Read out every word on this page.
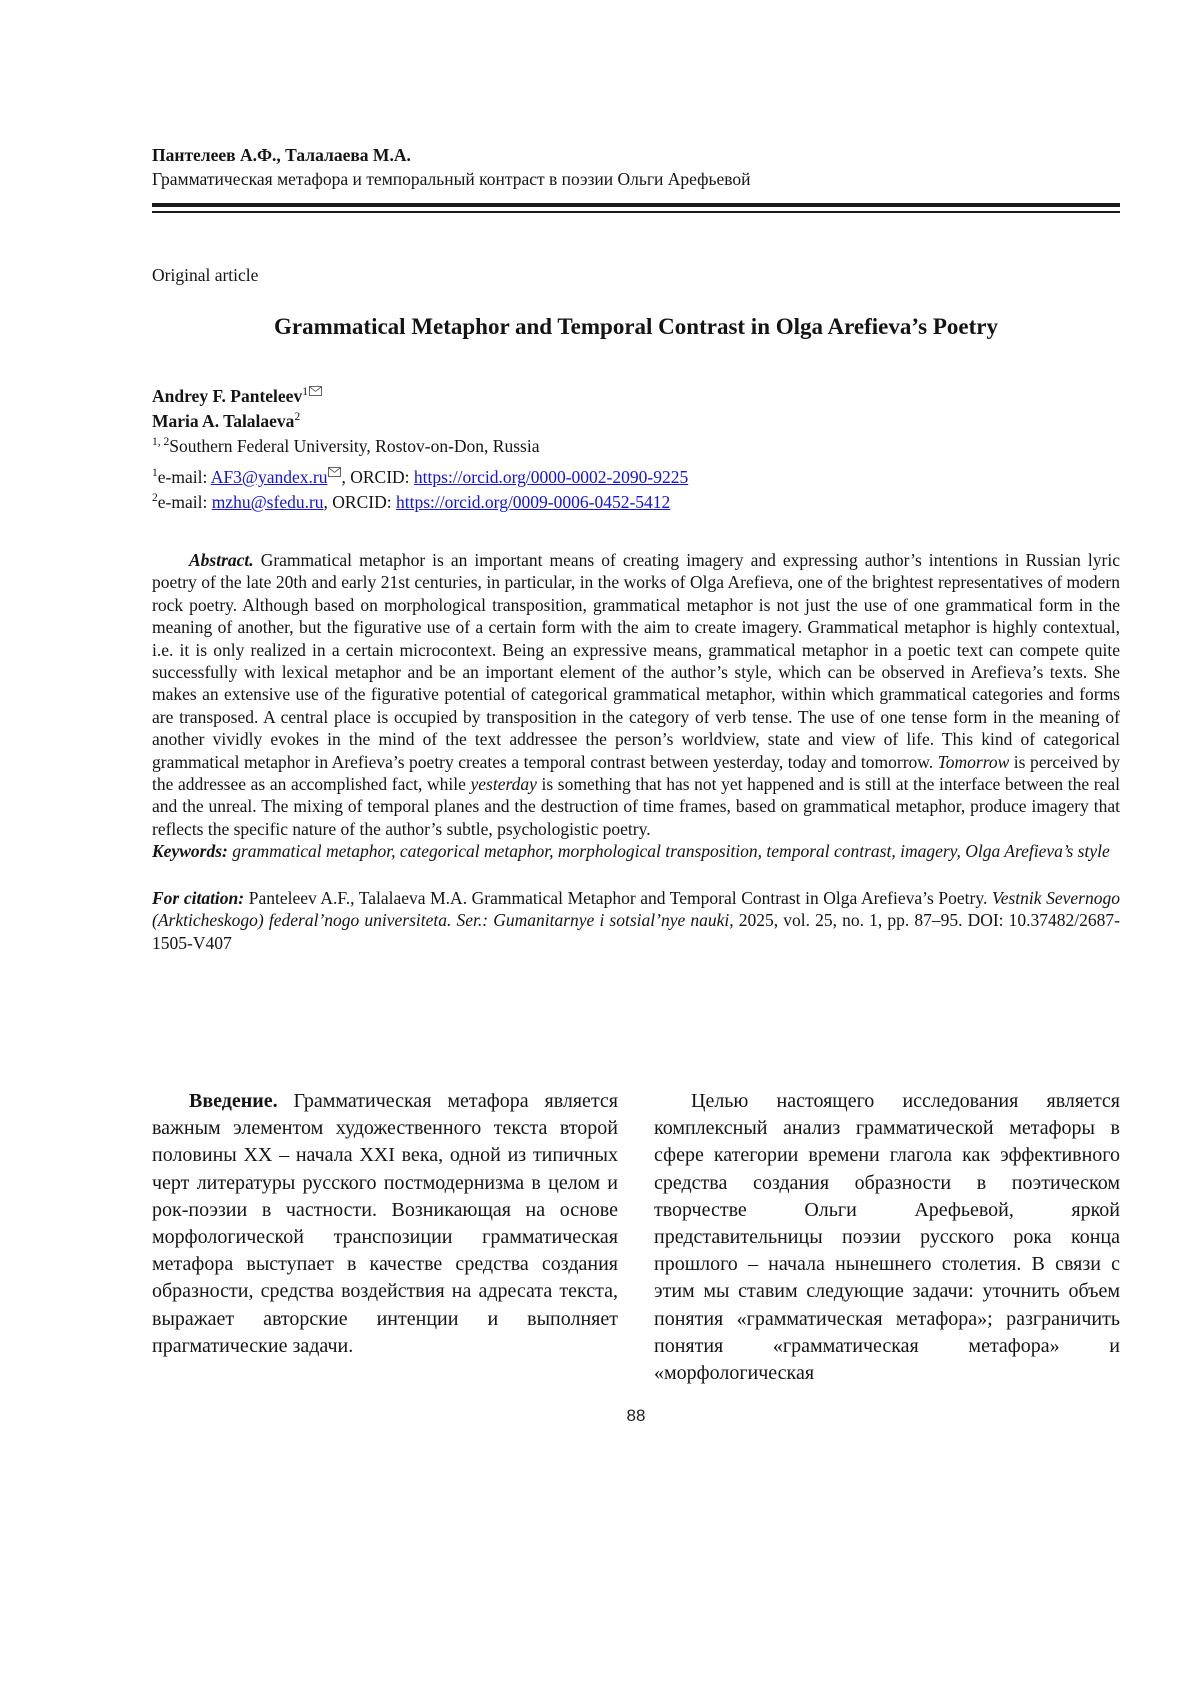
Пантелеев А.Ф., Талалаева М.А.
Грамматическая метафора и темпоральный контраст в поэзии Ольги Арефьевой
Original article
Grammatical Metaphor and Temporal Contrast in Olga Arefieva’s Poetry
Andrey F. Panteleev$^1$
Maria A. Talalaeva$^2$
$^{1, 2}$Southern Federal University, Rostov-on-Don, Russia
$^1$e-mail: AF3@yandex.ru , ORCID: https://orcid.org/0000-0002-2090-9225
$^2$e-mail: mzhu@sfedu.ru, ORCID: https://orcid.org/0009-0006-0452-5412

Abstract. Grammatical metaphor is an important means of creating imagery and expressing author’s intentions in Russian lyric poetry of the late 20th and early 21st centuries, in particular, in the works of Olga Arefieva, one of the brightest representatives of modern rock poetry. Although based on morphological transposition, grammatical metaphor is not just the use of one grammatical form in the meaning of another, but the figurative use of a certain form with the aim to create imagery. Grammatical metaphor is highly contextual, i.e. it is only realized in a certain microcontext. Being an expressive means, grammatical metaphor in a poetic text can compete quite successfully with lexical metaphor and be an important element of the author’s style, which can be observed in Arefieva’s texts. She makes an extensive use of the figurative potential of categorical grammatical metaphor, within which grammatical categories and forms are transposed. A central place is occupied by transposition in the category of verb tense. The use of one tense form in the meaning of another vividly evokes in the mind of the text addressee the person’s worldview, state and view of life. This kind of categorical grammatical metaphor in Arefieva’s poetry creates a temporal contrast between yesterday, today and tomorrow. Tomorrow is perceived by the addressee as an accomplished fact, while yesterday is something that has not yet happened and is still at the interface between the real and the unreal. The mixing of temporal planes and the destruction of time frames, based on grammatical metaphor, produce imagery that reflects the specific nature of the author’s subtle, psychologistic poetry.

Keywords: grammatical metaphor, categorical metaphor, morphological transposition, temporal contrast, imagery, Olga Arefieva’s style

For citation: Panteleev A.F., Talalaeva M.A. Grammatical Metaphor and Temporal Contrast in Olga Arefieva’s Poetry. Vestnik Severnogo (Arkticheskogo) federal’nogo universiteta. Ser.: Gumanitarnye i sotsial’nye nauki, 2025, vol. 25, no. 1, pp. 87–95. DOI: 10.37482/2687-1505-V407

Введение. Грамматическая метафора является важным элементом художественного текста второй половины XX – начала XXI века, одной из типичных черт литературы русского постмодернизма в целом и рок-поэзии в частности. Возникающая на основе морфологической транспозиции грамматическая метафора выступает в качестве средства создания образности, средства воздействия на адресата текста, выражает авторские интенции и выполняет прагматические задачи.

Целью настоящего исследования является комплексный анализ грамматической метафоры в сфере категории времени глагола как эффективного средства создания образности в поэтическом творчестве Ольги Арефьевой, яркой представительницы поэзии русского рока конца прошлого – начала нынешнего столетия. В связи с этим мы ставим следующие задачи: уточнить объем понятия «грамматическая метафора»; разграничить понятия «грамматическая метафора» и «морфологическая

88
